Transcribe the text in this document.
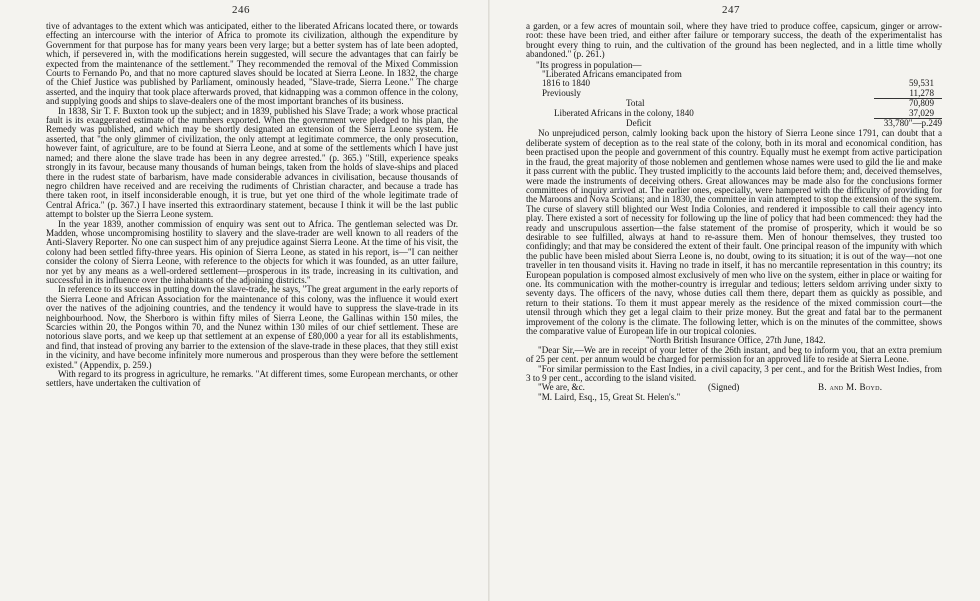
246

tive of advantages to the extent which was anticipated, either to the liberated Africans located there, or towards effecting an intercourse with the interior of Africa to promote its civilization, although the expenditure by Government for that purpose has for many years been very large; but a better system has of late been adopted, which, if persevered in, with the modifications herein suggested, will secure the advantages that can fairly be expected from the maintenance of the settlement." They recommended the removal of the Mixed Commission Courts to Fernando Po, and that no more captured slaves should be located at Sierra Leone. In 1832, the charge of the Chief Justice was published by Parliament, ominously headed, "Slave-trade, Sierra Leone." The charge asserted, and the inquiry that took place afterwards proved, that kidnapping was a common offence in the colony, and supplying goods and ships to slave-dealers one of the most important branches of its business.

In 1838, Sir T. F. Buxton took up the subject; and in 1839, published his Slave Trade; a work whose practical fault is its exaggerated estimate of the numbers exported. When the government were pledged to his plan, the Remedy was published, and which may be shortly designated an extension of the Sierra Leone system. He asserted, that "the only glimmer of civilization, the only attempt at legitimate commerce, the only prosecution, however faint, of agriculture, are to be found at Sierra Leone, and at some of the settlements which I have just named; and there alone the slave trade has been in any degree arrested." (p. 365.) "Still, experience speaks strongly in its favour, because many thousands of human beings, taken from the holds of slave-ships and placed there in the rudest state of barbarism, have made considerable advances in civilisation, because thousands of negro children have received and are receiving the rudiments of Christian character, and because a trade has there taken root, in itself inconsiderable enough, it is true, but yet one third of the whole legitimate trade of Central Africa." (p. 367.) I have inserted this extraordinary statement, because I think it will be the last public attempt to bolster up the Sierra Leone system.

In the year 1839, another commission of enquiry was sent out to Africa. The gentleman selected was Dr. Madden, whose uncompromising hostility to slavery and the slave-trader are well known to all readers of the Anti-Slavery Reporter. No one can suspect him of any prejudice against Sierra Leone. At the time of his visit, the colony had been settled fifty-three years. His opinion of Sierra Leone, as stated in his report, is—"I can neither consider the colony of Sierra Leone, with reference to the objects for which it was founded, as an utter failure, nor yet by any means as a well-ordered settlement—prosperous in its trade, increasing in its cultivation, and successful in its influence over the inhabitants of the adjoining districts."

In reference to its success in putting down the slave-trade, he says, "The great argument in the early reports of the Sierra Leone and African Association for the maintenance of this colony, was the influence it would exert over the natives of the adjoining countries, and the tendency it would have to suppress the slave-trade in its neighbourhood. Now, the Sherboro is within fifty miles of Sierra Leone, the Gallinas within 150 miles, the Scarcies within 20, the Pongos within 70, and the Nunez within 130 miles of our chief settlement. These are notorious slave ports, and we keep up that settlement at an expense of £80,000 a year for all its establishments, and find, that instead of proving any barrier to the extension of the slave-trade in these places, that they still exist in the vicinity, and have become infinitely more numerous and prosperous than they were before the settlement existed." (Appendix, p. 259.)

With regard to its progress in agriculture, he remarks. "At different times, some European merchants, or other settlers, have undertaken the cultivation of

247

a garden, or a few acres of mountain soil, where they have tried to produce coffee, capsicum, ginger or arrow-root: these have been tried, and either after failure or temporary success, the death of the experimentalist has brought every thing to ruin, and the cultivation of the ground has been neglected, and in a little time wholly abandoned." (p. 261.)

"Its progress in population—
"Liberated Africans emancipated from
1816 to 1840	59,531
Previously	11,278
Total	70,809
Liberated Africans in the colony, 1840	37,029
Deficit	33,780"—p.249

No unprejudiced person, calmly looking back upon the history of Sierra Leone since 1791, can doubt that a deliberate system of deception as to the real state of the colony, both in its moral and economical condition, has been practised upon the people and government of this country. Equally must he exempt from active participation in the fraud, the great majority of those noblemen and gentlemen whose names were used to gild the lie and make it pass current with the public. They trusted implicitly to the accounts laid before them; and, deceived themselves, were made the instruments of deceiving others. Great allowances may be made also for the conclusions former committees of inquiry arrived at. The earlier ones, especially, were hampered with the difficulty of providing for the Maroons and Nova Scotians; and in 1830, the committee in vain attempted to stop the extension of the system. The curse of slavery still blighted our West India Colonies, and rendered it impossible to call their agency into play. There existed a sort of necessity for following up the line of policy that had been commenced: they had the ready and unscrupulous assertion—the false statement of the promise of prosperity, which it would be so desirable to see fulfilled, always at hand to re-assure them. Men of honour themselves, they trusted too confidingly; and that may be considered the extent of their fault. One principal reason of the impunity with which the public have been misled about Sierra Leone is, no doubt, owing to its situation; it is out of the way—not one traveller in ten thousand visits it. Having no trade in itself, it has no mercantile representation in this country; its European population is composed almost exclusively of men who live on the system, either in place or waiting for one. Its communication with the mother-country is irregular and tedious; letters seldom arriving under sixty to seventy days. The officers of the navy, whose duties call them there, depart them as quickly as possible, and return to their stations. To them it must appear merely as the residence of the mixed commission court—the utensil through which they get a legal claim to their prize money. But the great and fatal bar to the permanent improvement of the colony is the climate. The following letter, which is on the minutes of the committee, shows the comparative value of European life in our tropical colonies.

"North British Insurance Office, 27th June, 1842.

"Dear Sir,—We are in receipt of your letter of the 26th instant, and beg to inform you, that an extra premium of 25 per cent. per annum would be charged for permission for an approved life to reside at Sierra Leone.

"For similar permission to the East Indies, in a civil capacity, 3 per cent., and for the British West Indies, from 3 to 9 per cent., according to the island visited.

"We are, &c.	(Signed)	B. and M. Boyd.

"M. Laird, Esq., 15, Great St. Helen's."
